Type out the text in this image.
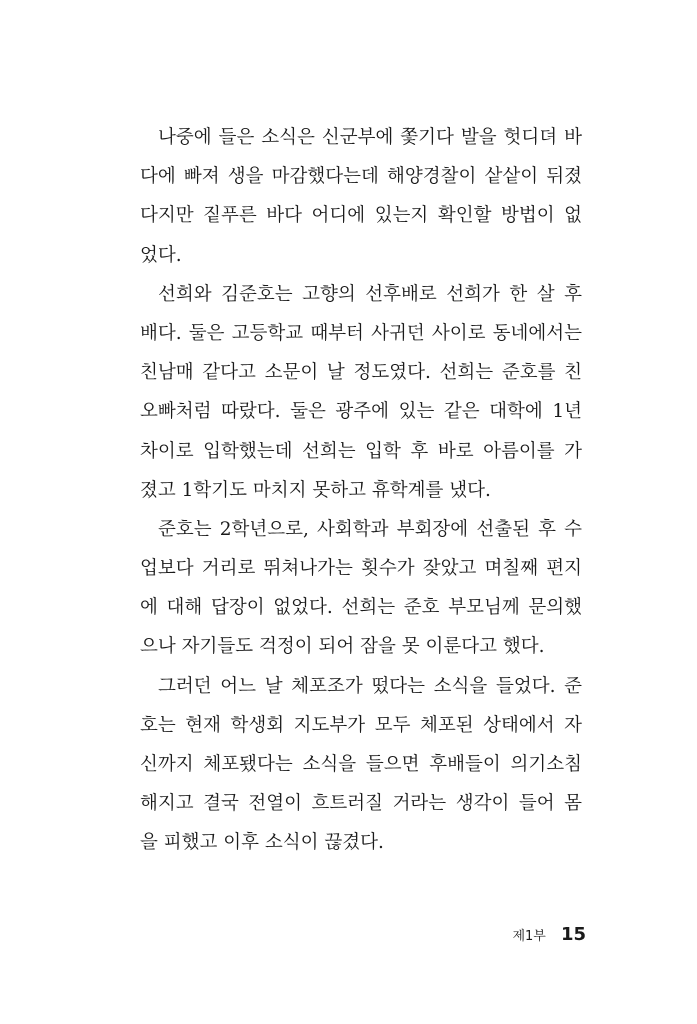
나중에 들은 소식은 신군부에 쫓기다 발을 헛디뎌 바
다에 빠져 생을 마감했다는데 해양경찰이 샅샅이 뒤졌
다지만 짙푸른 바다 어디에 있는지 확인할 방법이 없
었다.
선희와 김준호는 고향의 선후배로 선희가 한 살 후
배다. 둘은 고등학교 때부터 사귀던 사이로 동네에서는
친남매 같다고 소문이 날 정도였다. 선희는 준호를 친
오빠처럼 따랐다. 둘은 광주에 있는 같은 대학에 1년
차이로 입학했는데 선희는 입학 후 바로 아름이를 가
졌고 1학기도 마치지 못하고 휴학계를 냈다.
준호는 2학년으로, 사회학과 부회장에 선출된 후 수
업보다 거리로 뛰쳐나가는 횟수가 잦았고 며칠째 편지
에 대해 답장이 없었다. 선희는 준호 부모님께 문의했
으나 자기들도 걱정이 되어 잠을 못 이룬다고 했다.
그러던 어느 날 체포조가 떴다는 소식을 들었다. 준
호는 현재 학생회 지도부가 모두 체포된 상태에서 자
신까지 체포됐다는 소식을 들으면 후배들이 의기소침
해지고 결국 전열이 흐트러질 거라는 생각이 들어 몸
을 피했고 이후 소식이 끊겼다.
제1부 15
